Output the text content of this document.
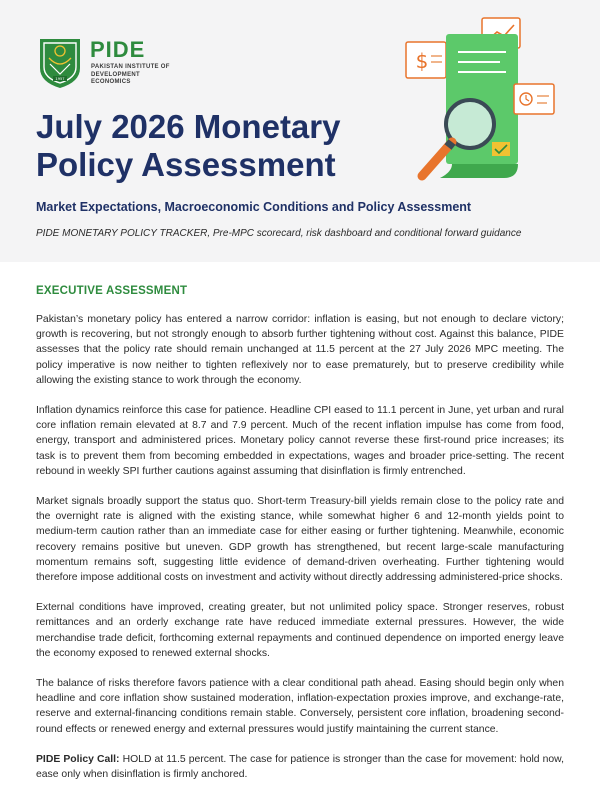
1957
PIDE
PAKISTAN INSTITUTE OF DEVELOPMENT ECONOMICS
$
July 2026 Monetary Policy Assessment
Market Expectations, Macroeconomic Conditions and Policy Assessment
PIDE MONETARY POLICY TRACKER, Pre-MPC scorecard, risk dashboard and conditional forward guidance
EXECUTIVE ASSESSMENT

Pakistan’s monetary policy has entered a narrow corridor: inflation is easing, but not enough to declare victory; growth is recovering, but not strongly enough to absorb further tightening without cost. Against this balance, PIDE assesses that the policy rate should remain unchanged at 11.5 percent at the 27 July 2026 MPC meeting. The policy imperative is now neither to tighten reflexively nor to ease prematurely, but to preserve credibility while allowing the existing stance to work through the economy.

Inflation dynamics reinforce this case for patience. Headline CPI eased to 11.1 percent in June, yet urban and rural core inflation remain elevated at 8.7 and 7.9 percent. Much of the recent inflation impulse has come from food, energy, transport and administered prices. Monetary policy cannot reverse these first-round price increases; its task is to prevent them from becoming embedded in expectations, wages and broader price-setting. The recent rebound in weekly SPI further cautions against assuming that disinflation is firmly entrenched.

Market signals broadly support the status quo. Short-term Treasury-bill yields remain close to the policy rate and the overnight rate is aligned with the existing stance, while somewhat higher 6 and 12-month yields point to medium-term caution rather than an immediate case for either easing or further tightening. Meanwhile, economic recovery remains positive but uneven. GDP growth has strengthened, but recent large-scale manufacturing momentum remains soft, suggesting little evidence of demand-driven overheating. Further tightening would therefore impose additional costs on investment and activity without directly addressing administered-price shocks.

External conditions have improved, creating greater, but not unlimited policy space. Stronger reserves, robust remittances and an orderly exchange rate have reduced immediate external pressures. However, the wide merchandise trade deficit, forthcoming external repayments and continued dependence on imported energy leave the economy exposed to renewed external shocks.

The balance of risks therefore favors patience with a clear conditional path ahead. Easing should begin only when headline and core inflation show sustained moderation, inflation-expectation proxies improve, and exchange-rate, reserve and external-financing conditions remain stable. Conversely, persistent core inflation, broadening second-round effects or renewed energy and external pressures would justify maintaining the current stance.

PIDE Policy Call: HOLD at 11.5 percent. The case for patience is stronger than the case for movement: hold now, ease only when disinflation is firmly anchored.
